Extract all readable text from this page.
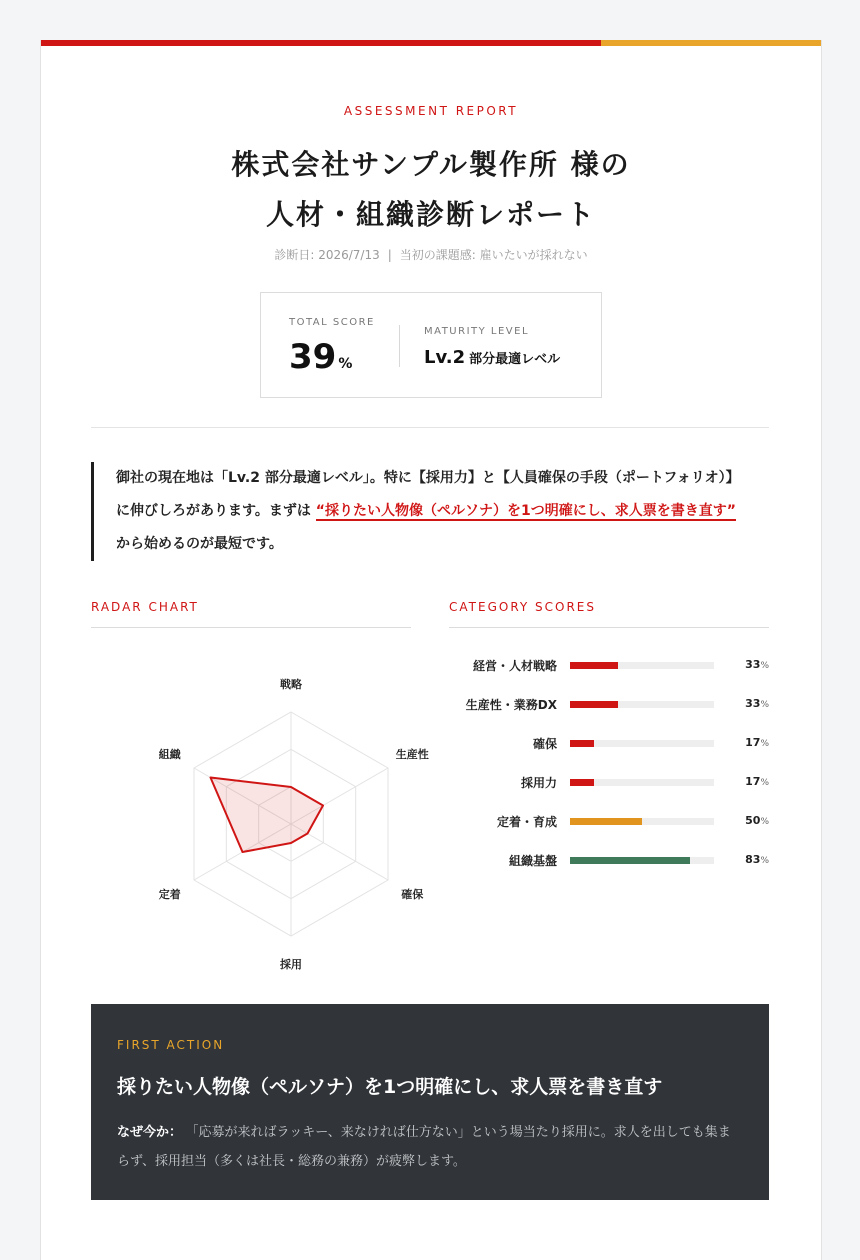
ASSESSMENT REPORT
株式会社サンプル製作所 様の
人材・組織診断レポート
診断日: 2026/7/13 | 当初の課題感: 雇いたいが採れない
TOTAL SCORE
39 %
MATURITY LEVEL
Lv.2 部分最適レベル
御社の現在地は「Lv.2 部分最適レベル」。特に【採用力】と【人員確保の手段（ポートフォリオ）】に伸びしろがあります。まずは “採りたい人物像（ペルソナ）を1つ明確にし、求人票を書き直す” から始めるのが最短です。
RADAR CHART	CATEGORY SCORES
戦略
生産性
確保
採用
定着
組織
経営・人材戦略	33%
生産性・業務DX	33%
確保	17%
採用力	17%
定着・育成	50%
組織基盤	83%
FIRST ACTION
採りたい人物像（ペルソナ）を1つ明確にし、求人票を書き直す
なぜ今か： 「応募が来ればラッキー、来なければ仕方ない」という場当たり採用に。求人を出しても集まらず、採用担当（多くは社長・総務の兼務）が疲弊します。
